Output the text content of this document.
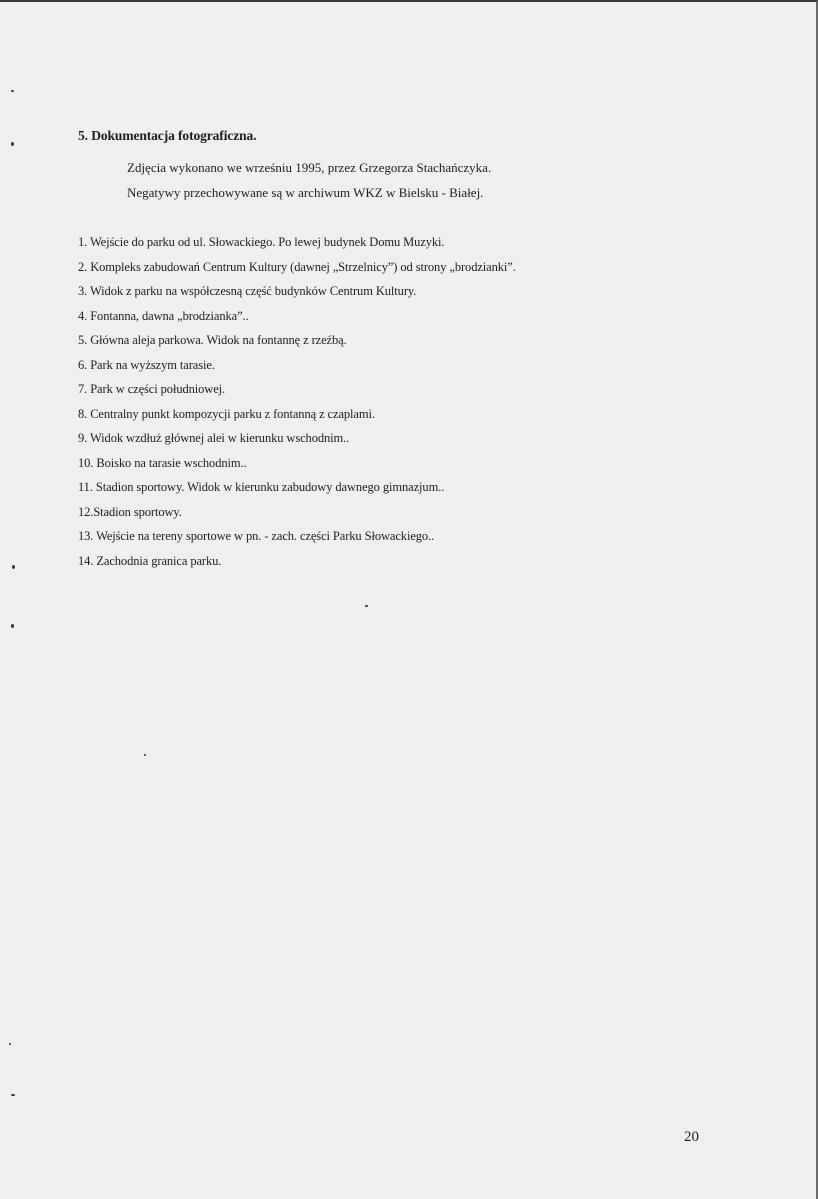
5. Dokumentacja fotograficzna.
Zdjęcia wykonano we wrześniu 1995, przez Grzegorza Stachańczyka.
Negatywy przechowywane są w archiwum WKZ w Bielsku - Białej.
1. Wejście do parku od ul. Słowackiego. Po lewej budynek Domu Muzyki.
2. Kompleks zabudowań Centrum Kultury (dawnej „Strzelnicy”) od strony „brodzianki”.
3. Widok z parku na współczesną część budynków Centrum Kultury.
4. Fontanna, dawna „brodzianka”..
5. Główna aleja parkowa. Widok na fontannę z rzeźbą.
6. Park na wyższym tarasie.
7. Park w części południowej.
8. Centralny punkt kompozycji parku z fontanną z czaplami.
9. Widok wzdłuż głównej alei w kierunku wschodnim..
10. Boisko na tarasie wschodnim..
11. Stadion sportowy. Widok w kierunku zabudowy dawnego gimnazjum..
12.Stadion sportowy.
13. Wejście na tereny sportowe w pn. - zach. części Parku Słowackiego..
14. Zachodnia granica parku.
20
